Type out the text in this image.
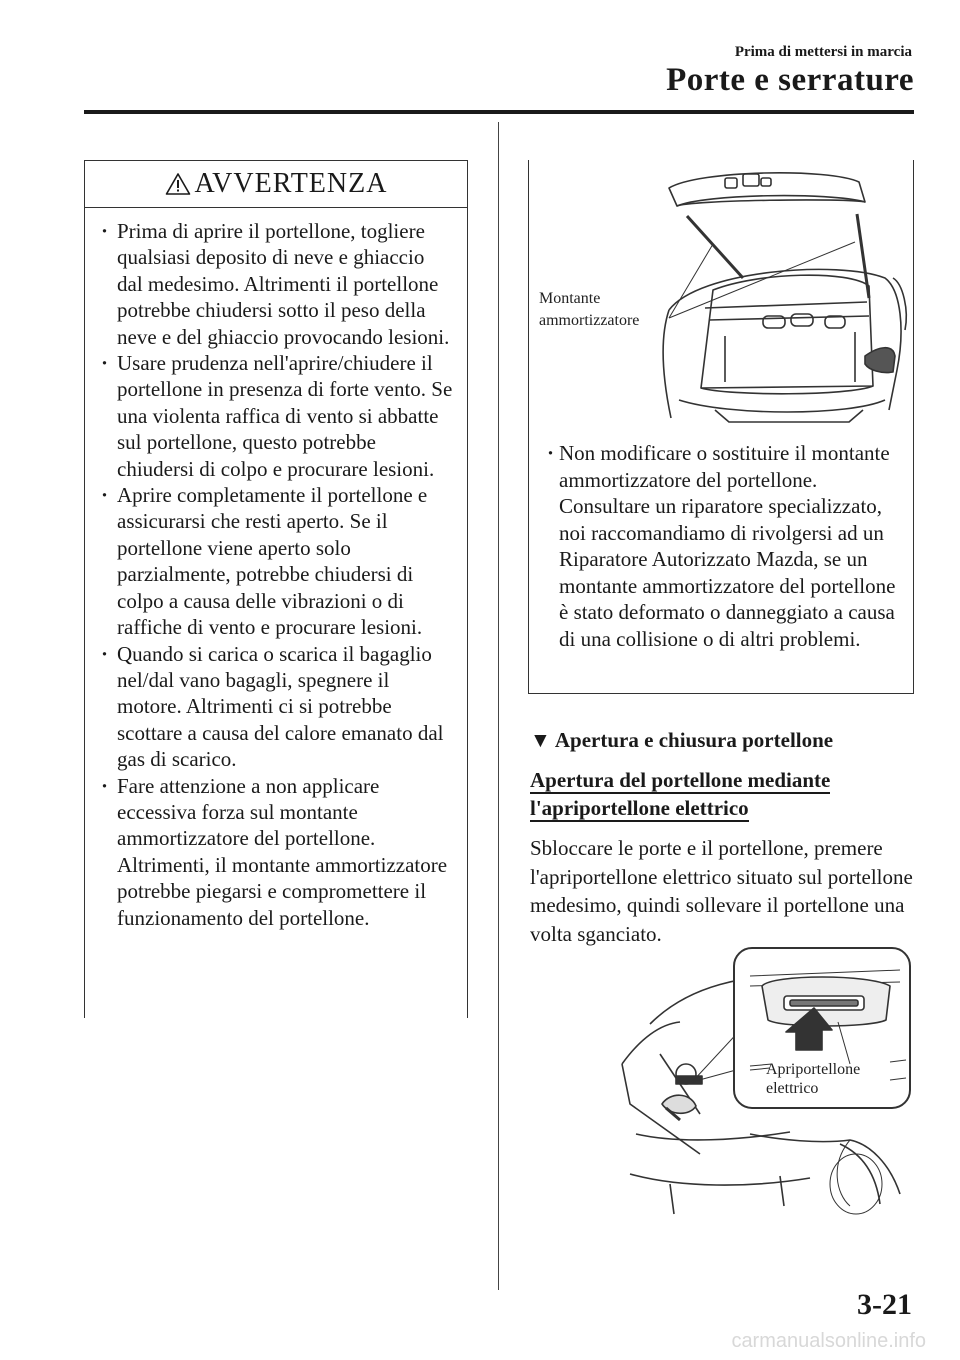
Prima di mettersi in marcia
Porte e serrature
AVVERTENZA
· Prima di aprire il portellone, togliere qualsiasi deposito di neve e ghiaccio dal medesimo. Altrimenti il portellone potrebbe chiudersi sotto il peso della neve e del ghiaccio provocando lesioni.
· Usare prudenza nell'aprire/chiudere il portellone in presenza di forte vento. Se una violenta raffica di vento si abbatte sul portellone, questo potrebbe chiudersi di colpo e procurare lesioni.
· Aprire completamente il portellone e assicurarsi che resti aperto. Se il portellone viene aperto solo parzialmente, potrebbe chiudersi di colpo a causa delle vibrazioni o di raffiche di vento e procurare lesioni.
· Quando si carica o scarica il bagaglio nel/dal vano bagagli, spegnere il motore. Altrimenti ci si potrebbe scottare a causa del calore emanato dal gas di scarico.
· Fare attenzione a non applicare eccessiva forza sul montante ammortizzatore del portellone. Altrimenti, il montante ammortizzatore potrebbe piegarsi e compromettere il funzionamento del portellone.
Montante
ammortizzatore
· Non modificare o sostituire il montante ammortizzatore del portellone. Consultare un riparatore specializzato, noi raccomandiamo di rivolgersi ad un Riparatore Autorizzato Mazda, se un montante ammortizzatore del portellone è stato deformato o danneggiato a causa di una collisione o di altri problemi.
▼ Apertura e chiusura portellone
Apertura del portellone mediante l'apriportellone elettrico
Sbloccare le porte e il portellone, premere l'apriportellone elettrico situato sul portellone medesimo, quindi sollevare il portellone una volta sganciato.
Apriportellone
elettrico
3-21
carmanualsonline.info
